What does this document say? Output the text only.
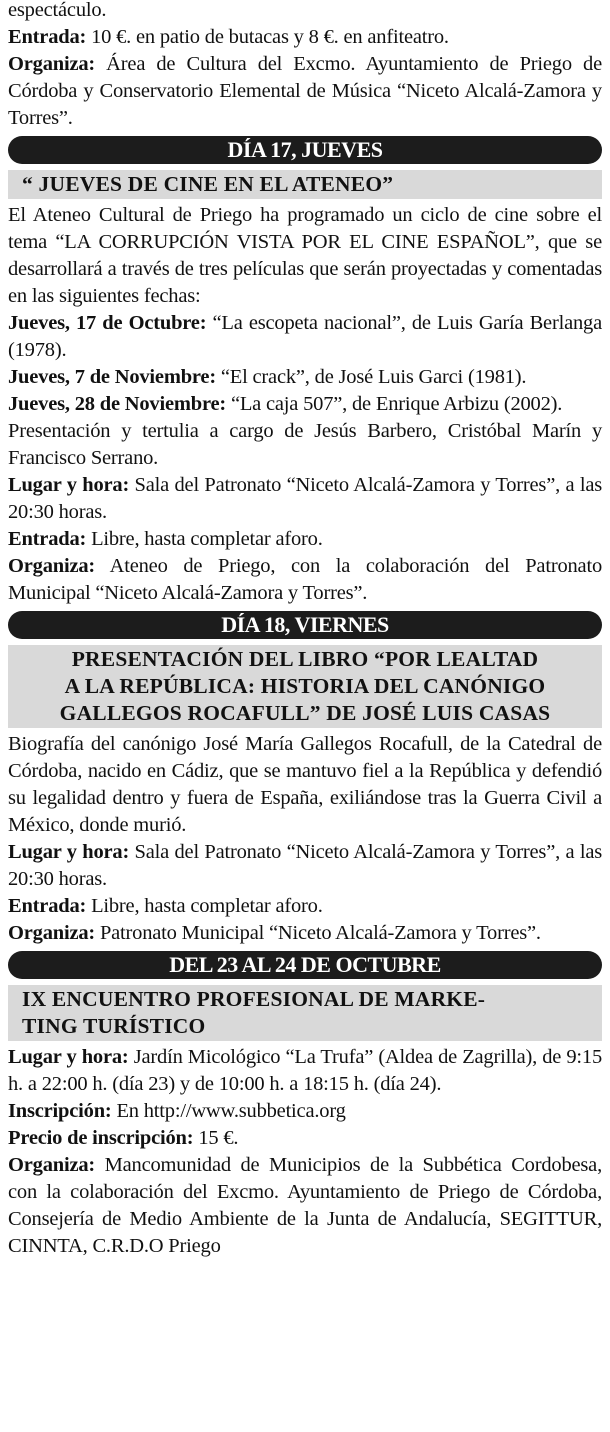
espectáculo.

Entrada: 10 €. en patio de butacas y 8 €. en anfiteatro.

Organiza: Área de Cultura del Excmo. Ayuntamiento de Priego de Córdoba y Conservatorio Elemental de Música “Niceto Alcalá-Zamora y Torres”.

DÍA 17, JUEVES
“ JUEVES DE CINE EN EL ATENEO”

El Ateneo Cultural de Priego ha programado un ciclo de cine sobre el tema “LA CORRUPCIÓN VISTA POR EL CINE ESPAÑOL”, que se desarrollará a través de tres películas que serán proyectadas y comentadas en las siguientes fechas:

Jueves, 17 de Octubre: “La escopeta nacional”, de Luis Garía Berlanga (1978).

Jueves, 7 de Noviembre: “El crack”, de José Luis Garci (1981).

Jueves, 28 de Noviembre: “La caja 507”, de Enrique Arbizu (2002).

Presentación y tertulia a cargo de Jesús Barbero, Cristóbal Marín y Francisco Serrano.

Lugar y hora: Sala del Patronato “Niceto Alcalá-Zamora y Torres”, a las 20:30 horas.

Entrada: Libre, hasta completar aforo.

Organiza: Ateneo de Priego, con la colaboración del Patronato Municipal “Niceto Alcalá-Zamora y Torres”.

DÍA 18, VIERNES
PRESENTACIÓN DEL LIBRO “POR LEALTAD
A LA REPÚBLICA: HISTORIA DEL CANÓNIGO
GALLEGOS ROCAFULL” DE JOSÉ LUIS CASAS

Biografía del canónigo José María Gallegos Rocafull, de la Catedral de Córdoba, nacido en Cádiz, que se mantuvo fiel a la República y defendió su legalidad dentro y fuera de España, exiliándose tras la Guerra Civil a México, donde murió.

Lugar y hora: Sala del Patronato “Niceto Alcalá-Zamora y Torres”, a las 20:30 horas.

Entrada: Libre, hasta completar aforo.

Organiza: Patronato Municipal “Niceto Alcalá-Zamora y Torres”.

DEL 23 AL 24 DE OCTUBRE
IX ENCUENTRO PROFESIONAL DE MARKE-
TING TURÍSTICO

Lugar y hora: Jardín Micológico “La Trufa” (Aldea de Zagrilla), de 9:15 h. a 22:00 h. (día 23) y de 10:00 h. a 18:15 h. (día 24).

Inscripción: En http://www.subbetica.org

Precio de inscripción: 15 €.

Organiza: Mancomunidad de Municipios de la Subbética Cordobesa, con la colaboración del Excmo. Ayuntamiento de Priego de Córdoba, Consejería de Medio Ambiente de la Junta de Andalucía, SEGITTUR, CINNTA, C.R.D.O Priego
